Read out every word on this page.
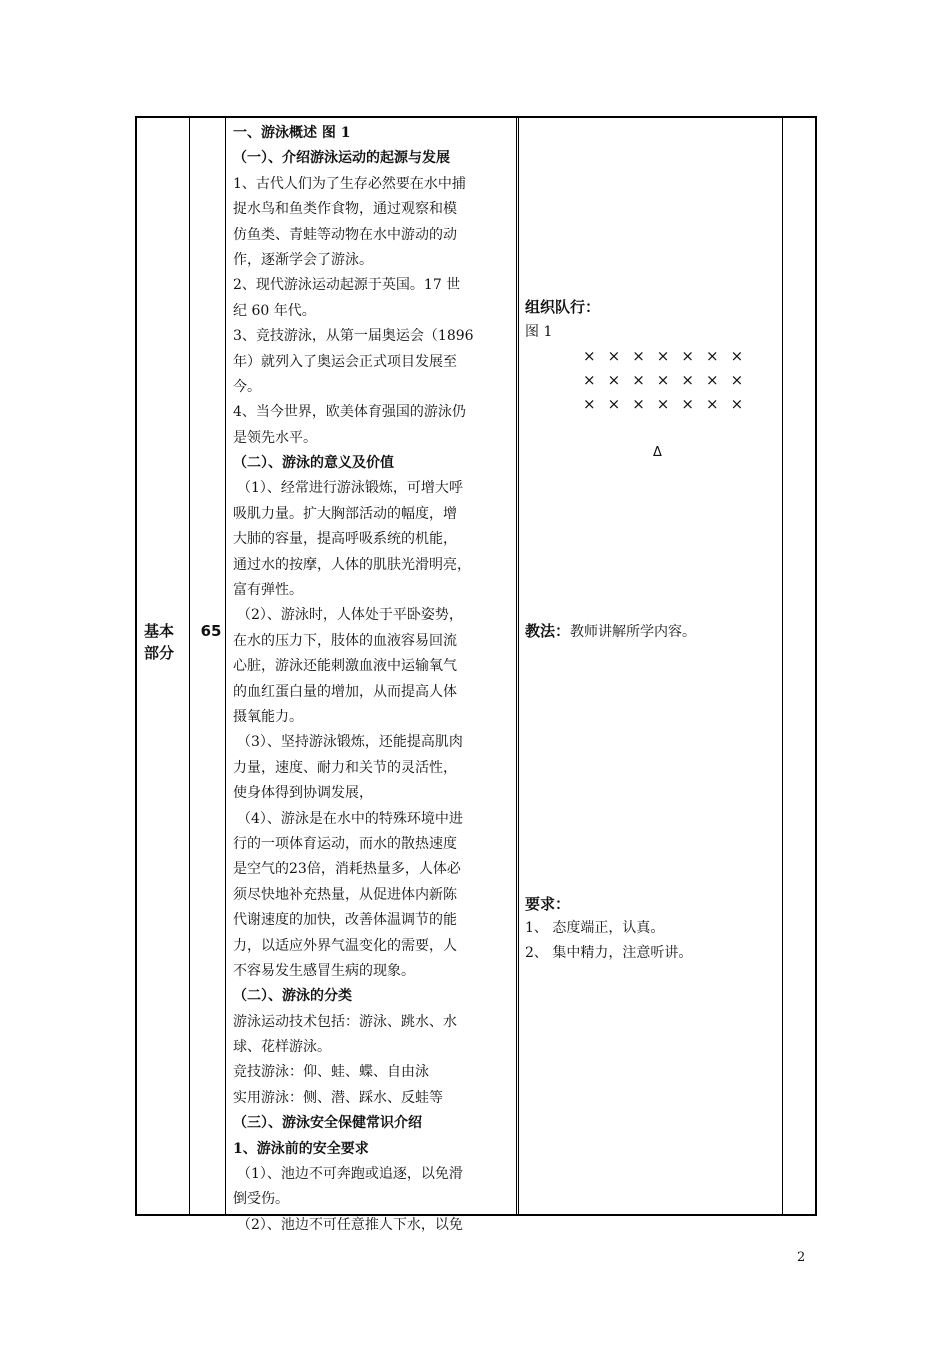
基本
部分
65
一、游泳概述 图 1
（一）、介绍游泳运动的起源与发展
1、古代人们为了生存必然要在水中捕
捉水鸟和鱼类作食物，通过观察和模
仿鱼类、青蛙等动物在水中游动的动
作，逐渐学会了游泳。
2、现代游泳运动起源于英国。17 世
纪 60 年代。
3、竞技游泳，从第一届奥运会（1896
年）就列入了奥运会正式项目发展至
今。
4、当今世界，欧美体育强国的游泳仍
是领先水平。
（二）、游泳的意义及价值
（1）、经常进行游泳锻炼，可增大呼
吸肌力量。扩大胸部活动的幅度，增
大肺的容量，提高呼吸系统的机能，
通过水的按摩，人体的肌肤光滑明亮，
富有弹性。
（2）、游泳时，人体处于平卧姿势，
在水的压力下，肢体的血液容易回流
心脏，游泳还能刺激血液中运输氧气
的血红蛋白量的增加，从而提高人体
摄氧能力。
（3）、坚持游泳锻炼，还能提高肌肉
力量，速度、耐力和关节的灵活性，
使身体得到协调发展，
（4）、游泳是在水中的特殊环境中进
行的一项体育运动，而水的散热速度
是空气的23倍，消耗热量多，人体必
须尽快地补充热量，从促进体内新陈
代谢速度的加快，改善体温调节的能
力，以适应外界气温变化的需要，人
不容易发生感冒生病的现象。
（二）、游泳的分类
游泳运动技术包括：游泳、跳水、水
球、花样游泳。
竞技游泳：仰、蛙、蝶、自由泳
实用游泳：侧、潜、踩水、反蛙等
（三）、游泳安全保健常识介绍
1、游泳前的安全要求
（1）、池边不可奔跑或追逐，以免滑
倒受伤。
（2）、池边不可任意推人下水，以免
组织队行：
图 1
× × × × × × ×
× × × × × × ×
× × × × × × ×
Δ
教法：教师讲解所学内容。
要求：
1、 态度端正，认真。
2、 集中精力，注意听讲。
2
